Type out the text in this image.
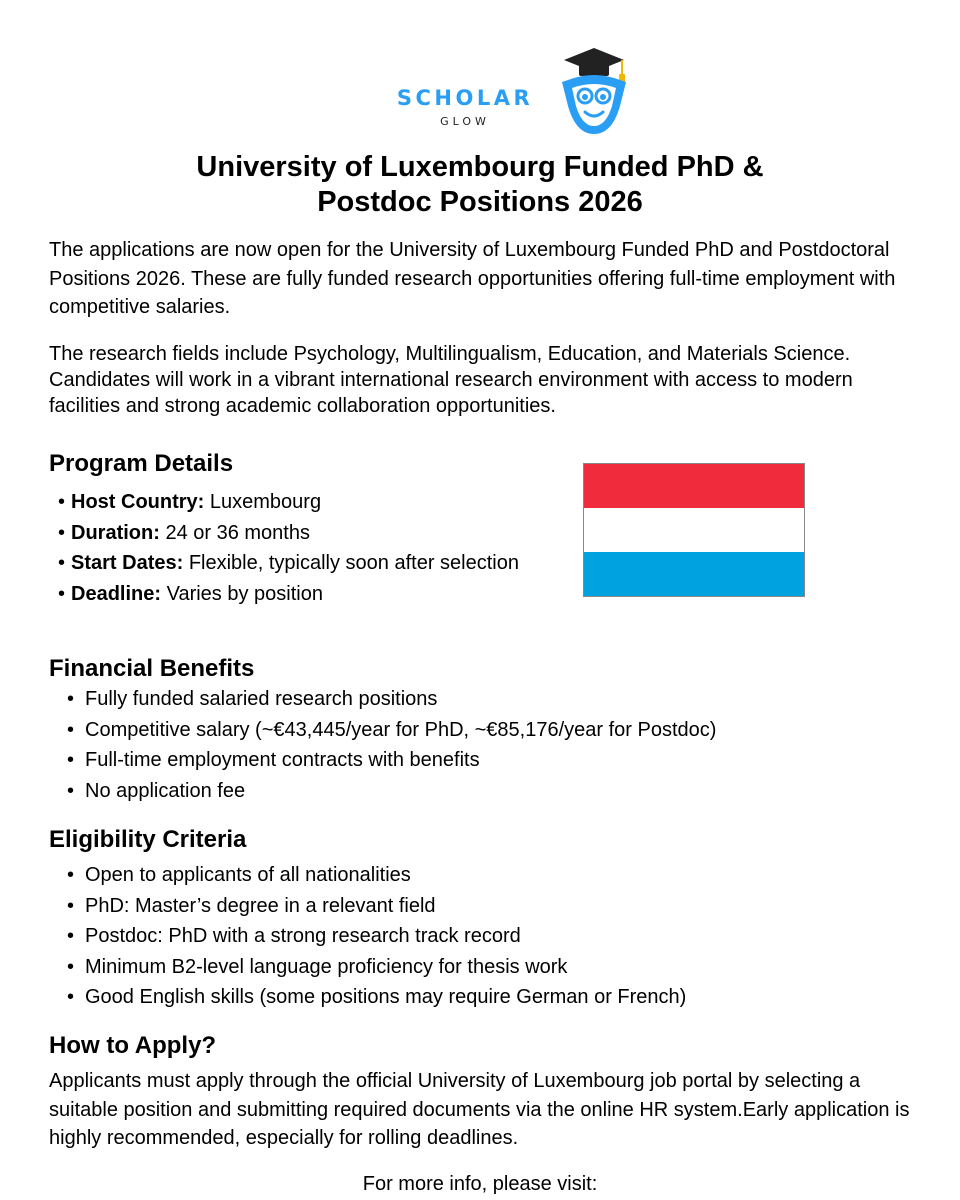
SCHOLAR
GLOW
University of Luxembourg Funded PhD &
Postdoc Positions 2026

The applications are now open for the University of Luxembourg Funded PhD and Postdoctoral Positions 2026. These are fully funded research opportunities offering full-time employment with competitive salaries.

The research fields include Psychology, Multilingualism, Education, and Materials Science. Candidates will work in a vibrant international research environment with access to modern facilities and strong academic collaboration opportunities.

Program Details
• Host Country: Luxembourg
• Duration: 24 or 36 months
• Start Dates: Flexible, typically soon after selection
• Deadline: Varies by position
Financial Benefits
• Fully funded salaried research positions
• Competitive salary (~€43,445/year for PhD, ~€85,176/year for Postdoc)
• Full-time employment contracts with benefits
• No application fee
Eligibility Criteria
• Open to applicants of all nationalities
• PhD: Master’s degree in a relevant field
• Postdoc: PhD with a strong research track record
• Minimum B2-level language proficiency for thesis work
• Good English skills (some positions may require German or French)
How to Apply?

Applicants must apply through the official University of Luxembourg job portal by selecting a suitable position and submitting required documents via the online HR system.Early application is highly recommended, especially for rolling deadlines.

For more info, please visit:
